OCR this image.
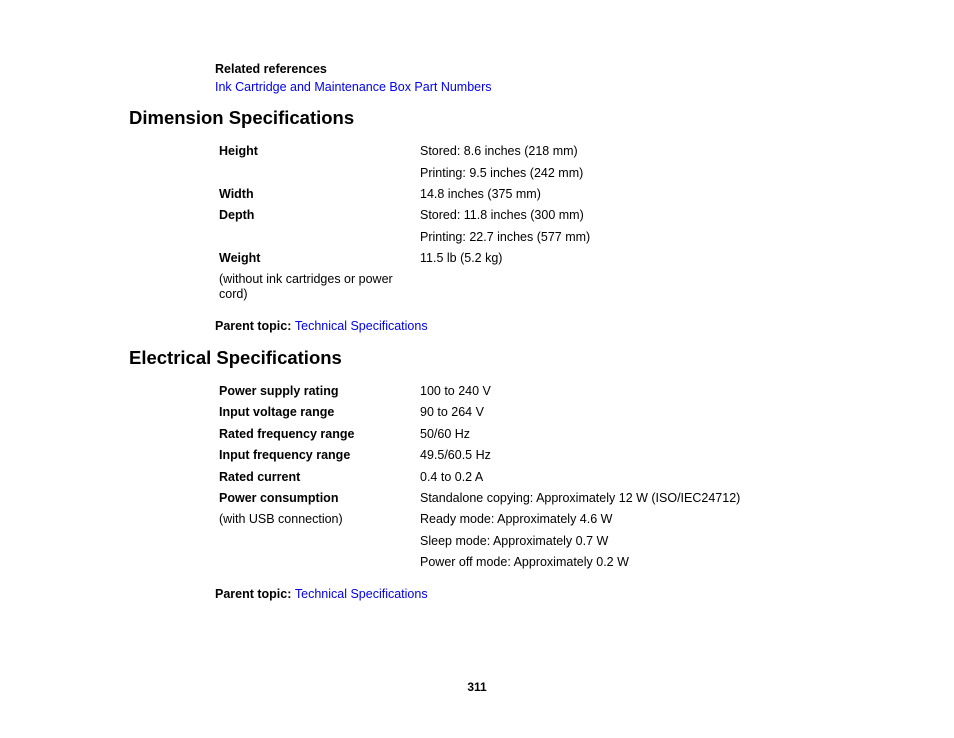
Related references
Ink Cartridge and Maintenance Box Part Numbers
Dimension Specifications
Height	Stored: 8.6 inches (218 mm)
Printing: 9.5 inches (242 mm)
Width	14.8 inches (375 mm)
Depth	Stored: 11.8 inches (300 mm)
Printing: 22.7 inches (577 mm)
Weight	11.5 lb (5.2 kg)
(without ink cartridges or power
cord)
Parent topic: Technical Specifications
Electrical Specifications
Power supply rating	100 to 240 V
Input voltage range	90 to 264 V
Rated frequency range	50/60 Hz
Input frequency range	49.5/60.5 Hz
Rated current	0.4 to 0.2 A
Power consumption	Standalone copying: Approximately 12 W (ISO/IEC24712)
(with USB connection)	Ready mode: Approximately 4.6 W
Sleep mode: Approximately 0.7 W
Power off mode: Approximately 0.2 W
Parent topic: Technical Specifications
311
